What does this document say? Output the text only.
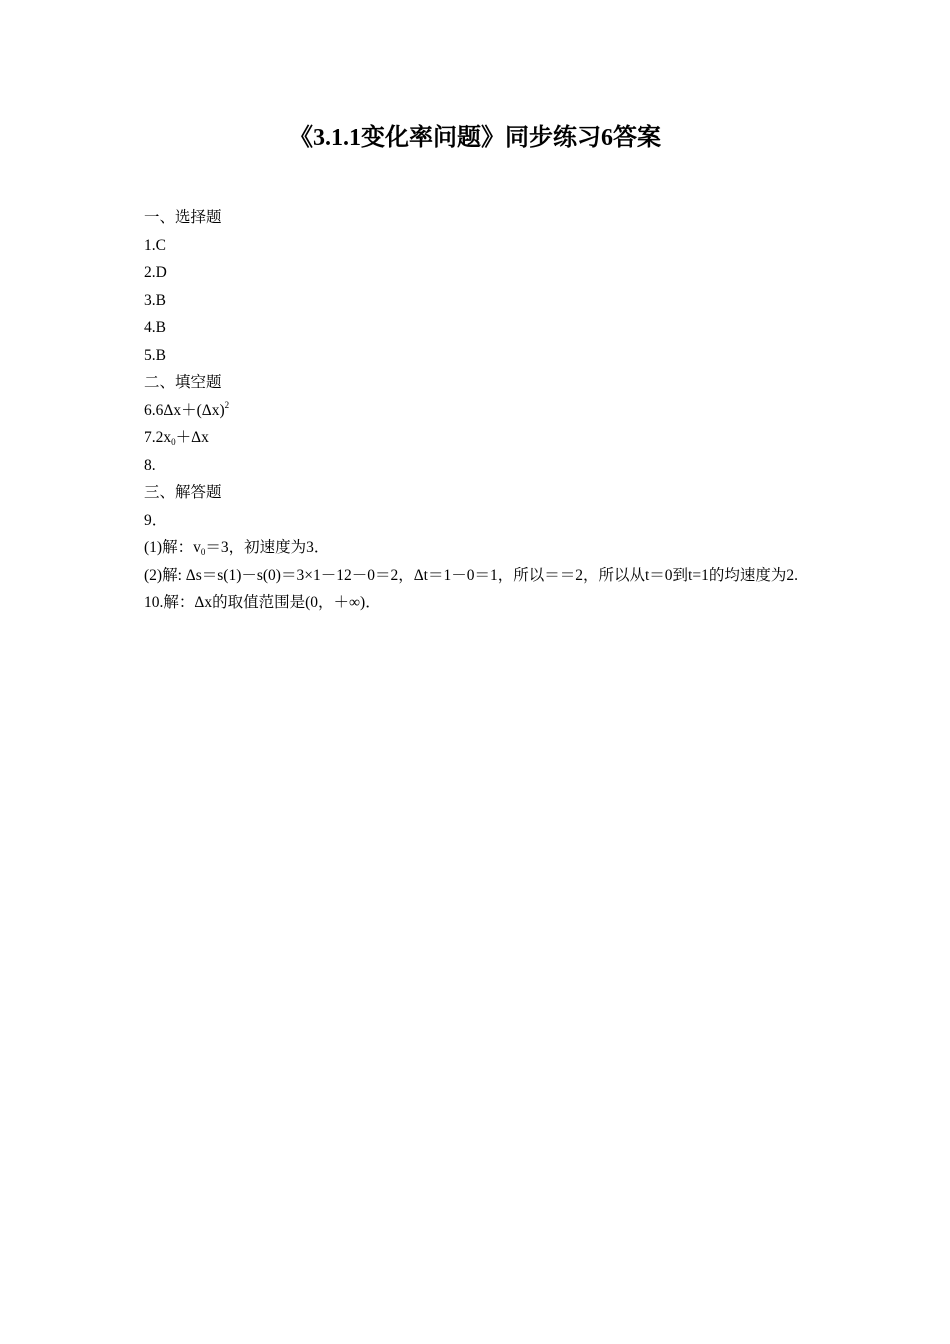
《3.1.1变化率问题》同步练习6答案
一、选择题
1.C
2.D
3.B
4.B
5.B
二、填空题
$6.6\Delta x+(\Delta x)^2$
$7.2x_0+\Delta x$
8.
三、解答题
9．
(1)解：$v_0=3$，初速度为3．
(2)解: Δs＝s(1)－s(0)＝3×1－12－0＝2，Δt＝1－0＝1，所以＝＝2，所以从t＝0到t=1的均速度为2.
10.解：Δx的取值范围是(0，＋∞)．
